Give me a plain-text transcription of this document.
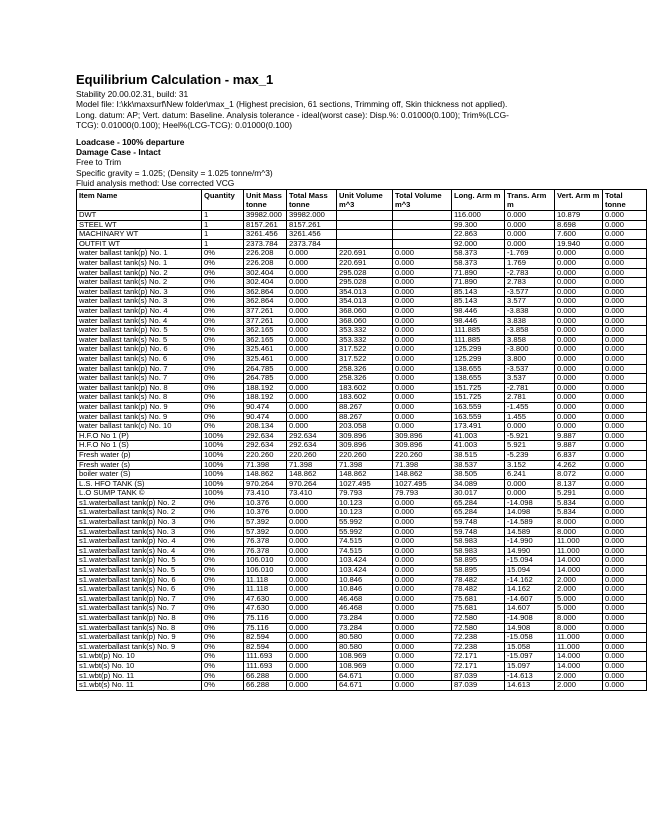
Equilibrium Calculation - max_1
Stability 20.00.02.31, build: 31
Model file: I:\kk\maxsurf\New folder\max_1 (Highest precision, 61 sections, Trimming off, Skin thickness not applied).
Long. datum: AP; Vert. datum: Baseline. Analysis tolerance - ideal(worst case): Disp.%: 0.01000(0.100); Trim%(LCG-
TCG): 0.01000(0.100); Heel%(LCG-TCG): 0.01000(0.100)
Loadcase - 100% departure
Damage Case - Intact
Free to Trim
Specific gravity = 1.025; (Density = 1.025 tonne/m^3)
Fluid analysis method: Use corrected VCG
Item Name	Quantity	Unit Mass tonne	Total Mass tonne	Unit Volume m^3	Total Volume m^3	Long. Arm m	Trans. Arm m	Vert. Arm m	Total tonne
DWT	1	39982.000	39982.000			116.000	0.000	10.879	0.000
STEEL WT	1	8157.261	8157.261			99.300	0.000	8.698	0.000
MACHINARY WT	1	3261.456	3261.456			22.863	0.000	7.600	0.000
OUTFIT WT	1	2373.784	2373.784			92.000	0.000	19.940	0.000
water ballast tank(p) No. 1	0%	226.208	0.000	220.691	0.000	58.373	-1.769	0.000	0.000
water ballast tank(s) No. 1	0%	226.208	0.000	220.691	0.000	58.373	1.769	0.000	0.000
water ballast tank(p) No. 2	0%	302.404	0.000	295.028	0.000	71.890	-2.783	0.000	0.000
water ballast tank(s) No. 2	0%	302.404	0.000	295.028	0.000	71.890	2.783	0.000	0.000
water ballast tank(p) No. 3	0%	362.864	0.000	354.013	0.000	85.143	-3.577	0.000	0.000
water ballast tank(s) No. 3	0%	362.864	0.000	354.013	0.000	85.143	3.577	0.000	0.000
water ballast tank(p) No. 4	0%	377.261	0.000	368.060	0.000	98.446	-3.838	0.000	0.000
water ballast tank(s) No. 4	0%	377.261	0.000	368.060	0.000	98.446	3.838	0.000	0.000
water ballast tank(p) No. 5	0%	362.165	0.000	353.332	0.000	111.885	-3.858	0.000	0.000
water ballast tank(s) No. 5	0%	362.165	0.000	353.332	0.000	111.885	3.858	0.000	0.000
water ballast tank(p) No. 6	0%	325.461	0.000	317.522	0.000	125.299	-3.800	0.000	0.000
water ballast tank(s) No. 6	0%	325.461	0.000	317.522	0.000	125.299	3.800	0.000	0.000
water ballast tank(p) No. 7	0%	264.785	0.000	258.326	0.000	138.655	-3.537	0.000	0.000
water ballast tank(s) No. 7	0%	264.785	0.000	258.326	0.000	138.655	3.537	0.000	0.000
water ballast tank(p) No. 8	0%	188.192	0.000	183.602	0.000	151.725	-2.781	0.000	0.000
water ballast tank(s) No. 8	0%	188.192	0.000	183.602	0.000	151.725	2.781	0.000	0.000
water ballast tank(p) No. 9	0%	90.474	0.000	88.267	0.000	163.559	-1.455	0.000	0.000
water ballast tank(s) No. 9	0%	90.474	0.000	88.267	0.000	163.559	1.455	0.000	0.000
water ballast tank(c) No. 10	0%	208.134	0.000	203.058	0.000	173.491	0.000	0.000	0.000
H.F.O No 1 (P)	100%	292.634	292.634	309.896	309.896	41.003	-5.921	9.887	0.000
H.F.O No 1 (S)	100%	292.634	292.634	309.896	309.896	41.003	5.921	9.887	0.000
Fresh water (p)	100%	220.260	220.260	220.260	220.260	38.515	-5.239	6.837	0.000
Fresh water (s)	100%	71.398	71.398	71.398	71.398	38.537	3.152	4.262	0.000
boiler water (S)	100%	148.862	148.862	148.862	148.862	38.505	6.241	8.072	0.000
L.S. HFO TANK (S)	100%	970.264	970.264	1027.495	1027.495	34.089	0.000	8.137	0.000
L.O SUMP TANK ©	100%	73.410	73.410	79.793	79.793	30.017	0.000	5.291	0.000
s1.waterballast tank(p) No. 2	0%	10.376	0.000	10.123	0.000	65.284	-14.098	5.834	0.000
s1.waterballast tank(s) No. 2	0%	10.376	0.000	10.123	0.000	65.284	14.098	5.834	0.000
s1.waterballast tank(p) No. 3	0%	57.392	0.000	55.992	0.000	59.748	-14.589	8.000	0.000
s1.waterballast tank(s) No. 3	0%	57.392	0.000	55.992	0.000	59.748	14.589	8.000	0.000
s1.waterballast tank(p) No. 4	0%	76.378	0.000	74.515	0.000	58.983	-14.990	11.000	0.000
s1.waterballast tank(s) No. 4	0%	76.378	0.000	74.515	0.000	58.983	14.990	11.000	0.000
s1.waterballast tank(p) No. 5	0%	106.010	0.000	103.424	0.000	58.895	-15.094	14.000	0.000
s1.waterballast tank(s) No. 5	0%	106.010	0.000	103.424	0.000	58.895	15.094	14.000	0.000
s1.waterballast tank(p) No. 6	0%	11.118	0.000	10.846	0.000	78.482	-14.162	2.000	0.000
s1.waterballast tank(s) No. 6	0%	11.118	0.000	10.846	0.000	78.482	14.162	2.000	0.000
s1.waterballast tank(p) No. 7	0%	47.630	0.000	46.468	0.000	75.681	-14.607	5.000	0.000
s1.waterballast tank(s) No. 7	0%	47.630	0.000	46.468	0.000	75.681	14.607	5.000	0.000
s1.waterballast tank(p) No. 8	0%	75.116	0.000	73.284	0.000	72.580	-14.908	8.000	0.000
s1.waterballast tank(s) No. 8	0%	75.116	0.000	73.284	0.000	72.580	14.908	8.000	0.000
s1.waterballast tank(p) No. 9	0%	82.594	0.000	80.580	0.000	72.238	-15.058	11.000	0.000
s1.waterballast tank(s) No. 9	0%	82.594	0.000	80.580	0.000	72.238	15.058	11.000	0.000
s1.wbt(p) No. 10	0%	111.693	0.000	108.969	0.000	72.171	-15.097	14.000	0.000
s1.wbt(s) No. 10	0%	111.693	0.000	108.969	0.000	72.171	15.097	14.000	0.000
s1.wbt(p) No. 11	0%	66.288	0.000	64.671	0.000	87.039	-14.613	2.000	0.000
s1.wbt(s) No. 11	0%	66.288	0.000	64.671	0.000	87.039	14.613	2.000	0.000
